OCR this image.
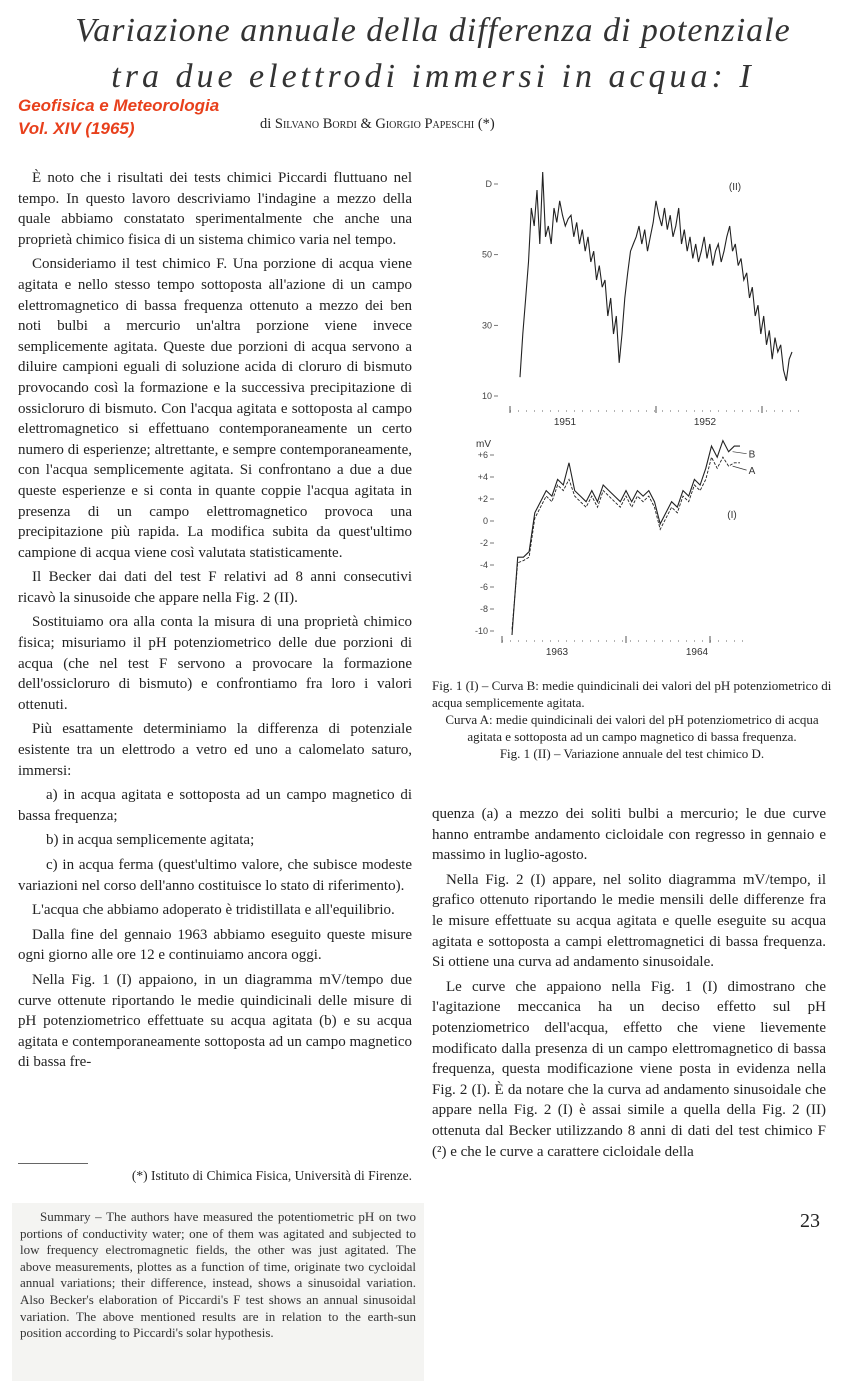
Variazione annuale della differenza di potenziale
tra due elettrodi immersi in acqua: I
Geofisica e Meteorologia
Vol. XIV (1965)	di Silvano Bordi & Giorgio Papeschi (*)

È noto che i risultati dei tests chimici Piccardi fluttuano nel tempo. In questo lavoro descriviamo l'indagine a mezzo della quale abbiamo constatato sperimentalmente che anche una proprietà chimico fisica di un sistema chimico varia nel tempo.

Consideriamo il test chimico F. Una porzione di acqua viene agitata e nello stesso tempo sottoposta all'azione di un campo elettromagnetico di bassa frequenza ottenuto a mezzo dei ben noti bulbi a mercurio un'altra porzione viene invece semplicemente agitata. Queste due porzioni di acqua servono a diluire campioni eguali di soluzione acida di cloruro di bismuto provocando così la formazione e la successiva precipitazione di ossicloruro di bismuto. Con l'acqua agitata e sottoposta al campo elettromagnetico si effettuano contemporaneamente un certo numero di esperienze; altrettante, e sempre contemporaneamente, con l'acqua semplicemente agitata. Si confrontano a due a due queste esperienze e si conta in quante coppie l'acqua agitata in presenza di un campo elettromagnetico provoca una precipitazione più rapida. La modifica subita da quest'ultimo campione di acqua viene così valutata statisticamente.

Il Becker dai dati del test F relativi ad 8 anni consecutivi ricavò la sinusoide che appare nella Fig. 2 (II).

Sostituiamo ora alla conta la misura di una proprietà chimico fisica; misuriamo il pH potenziometrico delle due porzioni di acqua (che nel test F servono a provocare la formazione dell'ossicloruro di bismuto) e confrontiamo fra loro i valori ottenuti.

Più esattamente determiniamo la differenza di potenziale esistente tra un elettrodo a vetro ed uno a calomelato saturo, immersi:

a) in acqua agitata e sottoposta ad un campo magnetico di bassa frequenza;

b) in acqua semplicemente agitata;

c) in acqua ferma (quest'ultimo valore, che subisce modeste variazioni nel corso dell'anno costituisce lo stato di riferimento).

L'acqua che abbiamo adoperato è tridistillata e all'equilibrio.

Dalla fine del gennaio 1963 abbiamo eseguito queste misure ogni giorno alle ore 12 e continuiamo ancora oggi.

Nella Fig. 1 (I) appaiono, in un diagramma mV/tempo due curve ottenute riportando le medie quindicinali delle misure di pH potenziometrico effettuate su acqua agitata (b) e su acqua agitata e contemporaneamente sottoposta ad un campo magnetico di bassa fre-

(*) Istituto di Chimica Fisica, Università di Firenze.

Summary – The authors have measured the potentiometric pH on two portions of conductivity water; one of them was agitated and subjected to low frequency electromagnetic fields, the other was just agitated. The above measurements, plottes as a function of time, originate two cycloidal annual variations; their difference, instead, shows a sinusoidal variation. Also Becker's elaboration of Piccardi's F test shows an annual sinusoidal variation. The above mentioned results are in relation to the earth-sun position according to Piccardi's solar hypothesis.

D
50
30
10
1951	1952
(II)
+6
+4
+2
0
-2
-4
-6
-8
-10
1963	1964
mV
(I)
B
A

Fig. 1 (I) – Curva B: medie quindicinali dei valori del pH potenziometrico di acqua semplicemente agitata.

Curva A: medie quindicinali dei valori del pH potenziometrico di acqua agitata e sottoposta ad un campo magnetico di bassa frequenza.

Fig. 1 (II) – Variazione annuale del test chimico D.

quenza (a) a mezzo dei soliti bulbi a mercurio; le due curve hanno entrambe andamento cicloidale con regresso in gennaio e massimo in luglio-agosto.

Nella Fig. 2 (I) appare, nel solito diagramma mV/tempo, il grafico ottenuto riportando le medie mensili delle differenze fra le misure effettuate su acqua agitata e quelle eseguite su acqua agitata e sottoposta a campi elettromagnetici di bassa frequenza. Si ottiene una curva ad andamento sinusoidale.

Le curve che appaiono nella Fig. 1 (I) dimostrano che l'agitazione meccanica ha un deciso effetto sul pH potenziometrico dell'acqua, effetto che viene lievemente modificato dalla presenza di un campo elettromagnetico di bassa frequenza, questa modificazione viene posta in evidenza nella Fig. 2 (I). È da notare che la curva ad andamento sinusoidale che appare nella Fig. 2 (I) è assai simile a quella della Fig. 2 (II) ottenuta dal Becker utilizzando 8 anni di dati del test chimico F (²) e che le curve a carattere cicloidale della

23
